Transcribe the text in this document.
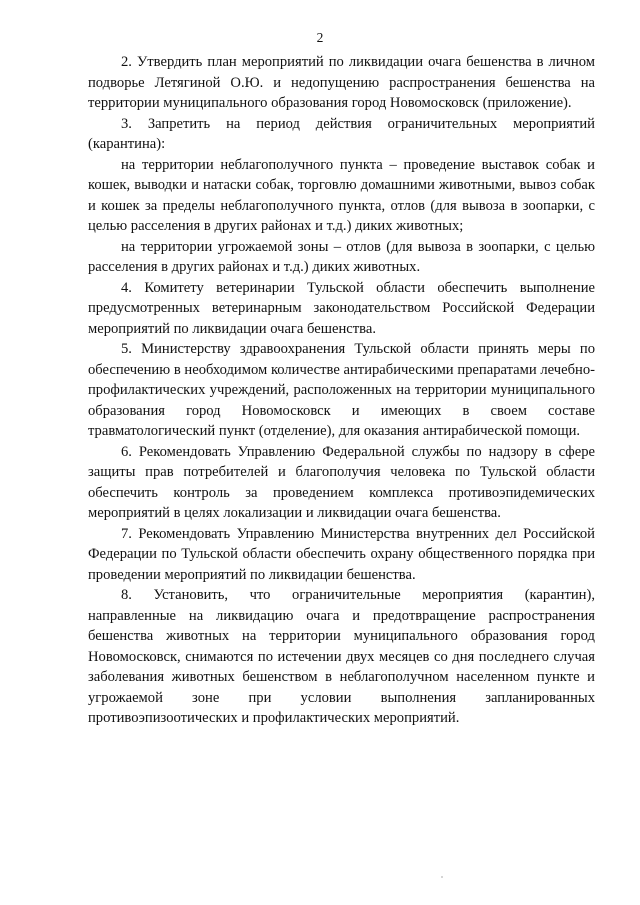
2

2. Утвердить план мероприятий по ликвидации очага бешенства в личном подворье Летягиной О.Ю. и недопущению распространения бешенства на территории муниципального образования город Новомосковск (приложение).

3. Запретить на период действия ограничительных мероприятий (карантина):

на территории неблагополучного пункта – проведение выставок собак и кошек, выводки и натаски собак, торговлю домашними животными, вывоз собак и кошек за пределы неблагополучного пункта, отлов (для вывоза в зоопарки, с целью расселения в других районах и т.д.) диких животных;

на территории угрожаемой зоны – отлов (для вывоза в зоопарки, с целью расселения в других районах и т.д.) диких животных.

4. Комитету ветеринарии Тульской области обеспечить выполнение предусмотренных ветеринарным законодательством Российской Федерации мероприятий по ликвидации очага бешенства.

5. Министерству здравоохранения Тульской области принять меры по обеспечению в необходимом количестве антирабическими препаратами лечебно-профилактических учреждений, расположенных на территории муниципального образования город Новомосковск и имеющих в своем составе травматологический пункт (отделение), для оказания антирабической помощи.

6. Рекомендовать Управлению Федеральной службы по надзору в сфере защиты прав потребителей и благополучия человека по Тульской области обеспечить контроль за проведением комплекса противоэпидемических мероприятий в целях локализации и ликвидации очага бешенства.

7. Рекомендовать Управлению Министерства внутренних дел Российской Федерации по Тульской области обеспечить охрану общественного порядка при проведении мероприятий по ликвидации бешенства.

8. Установить, что ограничительные мероприятия (карантин), направленные на ликвидацию очага и предотвращение распространения бешенства животных на территории муниципального образования город Новомосковск, снимаются по истечении двух месяцев со дня последнего случая заболевания животных бешенством в неблагополучном населенном пункте и угрожаемой зоне при условии выполнения запланированных противоэпизоотических и профилактических мероприятий.
